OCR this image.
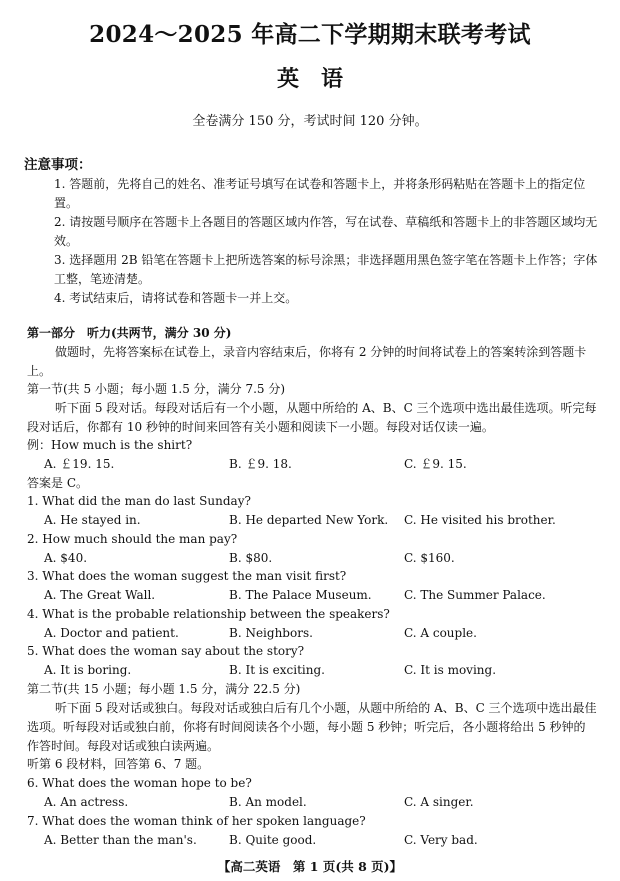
2024～2025 年高二下学期期末联考考试
英　语
全卷满分 150 分，考试时间 120 分钟。
注意事项：
1. 答题前，先将自己的姓名、准考证号填写在试卷和答题卡上，并将条形码粘贴在答题卡上的指定位置。
2. 请按题号顺序在答题卡上各题目的答题区域内作答，写在试卷、草稿纸和答题卡上的非答题区域均无效。
3. 选择题用 2B 铅笔在答题卡上把所选答案的标号涂黑；非选择题用黑色签字笔在答题卡上作答；字体工整，笔迹清楚。
4. 考试结束后，请将试卷和答题卡一并上交。
第一部分　听力(共两节，满分 30 分)
做题时，先将答案标在试卷上，录音内容结束后，你将有 2 分钟的时间将试卷上的答案转涂到答题卡上。
第一节(共 5 小题；每小题 1.5 分，满分 7.5 分)
听下面 5 段对话。每段对话后有一个小题，从题中所给的 A、B、C 三个选项中选出最佳选项。听完每段对话后，你都有 10 秒钟的时间来回答有关小题和阅读下一小题。每段对话仅读一遍。
例：How much is the shirt?
A. ￡19. 15.	B. ￡9. 18.	C. ￡9. 15.
答案是 C。
1. What did the man do last Sunday?
A. He stayed in.	B. He departed New York. C. He visited his brother.
2. How much should the man pay?
A. $40.	B. $80.	C. $160.
3. What does the woman suggest the man visit first?
A. The Great Wall.	B. The Palace Museum.	C. The Summer Palace.
4. What is the probable relationship between the speakers?
A. Doctor and patient.	B. Neighbors.	C. A couple.
5. What does the woman say about the story?
A. It is boring.	B. It is exciting.	C. It is moving.
第二节(共 15 小题；每小题 1.5 分，满分 22.5 分)
听下面 5 段对话或独白。每段对话或独白后有几个小题，从题中所给的 A、B、C 三个选项中选出最佳选项。听每段对话或独白前，你将有时间阅读各个小题，每小题 5 秒钟；听完后，各小题将给出 5 秒钟的作答时间。每段对话或独白读两遍。
听第 6 段材料，回答第 6、7 题。
6. What does the woman hope to be?
A. An actress.	B. An model.	C. A singer.
7. What does the woman think of her spoken language?
A. Better than the man's.	B. Quite good.	C. Very bad.
【高二英语　第 1 页(共 8 页)】
